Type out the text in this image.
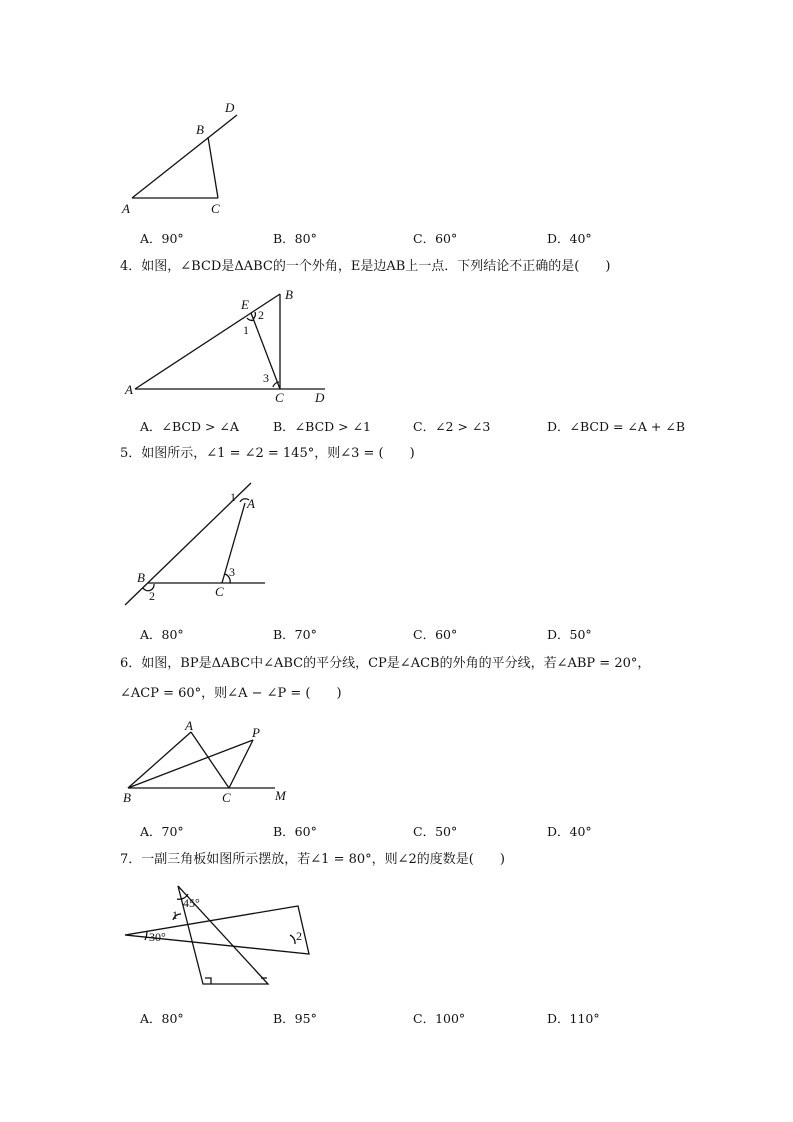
A
B
C
D
A．90°	B．80°	C．60°	D．40°
4．如图，∠BCD是ΔABC的一个外角，E是边AB上一点．下列结论不正确的是(　　)
A
B
C D
E
1
2
3
A．∠BCD > ∠A	B．∠BCD > ∠1	C．∠2 > ∠3	D．∠BCD = ∠A + ∠B
5．如图所示，∠1 = ∠2 = 145°，则∠3 = (　　)
1 A
B
2	C
3
A．80°	B．70°	C．60°	D．50°
6．如图，BP是ΔABC中∠ABC的平分线，CP是∠ACB的外角的平分线，若∠ABP = 20°，
∠ACP = 60°，则∠A − ∠P = (　　)
A
B	C
P
M
A．70°	B．60°	C．50°	D．40°
7．一副三角板如图所示摆放，若∠1 = 80°，则∠2的度数是(　　)
30°
45°
1
2
A．80°	B．95°	C．100°	D．110°
